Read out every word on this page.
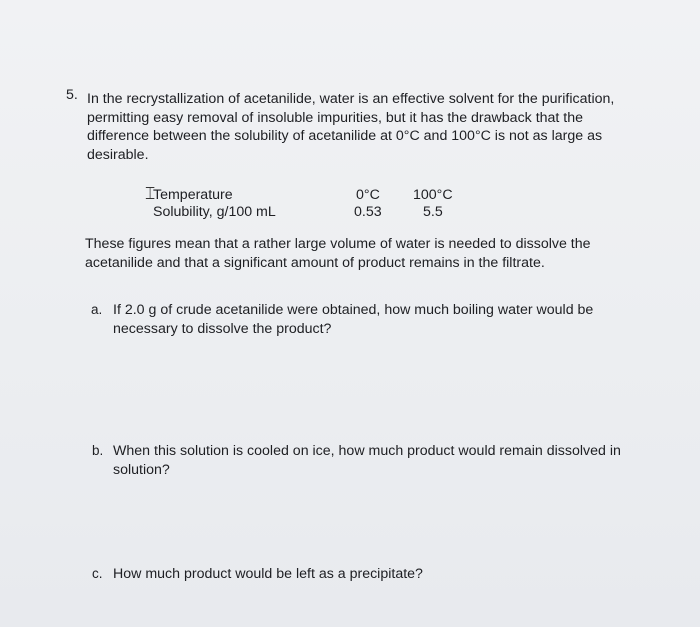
5. In the recrystallization of acetanilide, water is an effective solvent for the purification, permitting easy removal of insoluble impurities, but it has the drawback that the difference between the solubility of acetanilide at 0°C and 100°C is not as large as desirable.
⌶
Temperature
Solubility, g/100 mL
0°C 100°C
0.53	5.5
These figures mean that a rather large volume of water is needed to dissolve the acetanilide and that a significant amount of product remains in the filtrate.
a. If 2.0 g of crude acetanilide were obtained, how much boiling water would be necessary to dissolve the product?
b. When this solution is cooled on ice, how much product would remain dissolved in solution?
c. How much product would be left as a precipitate?
